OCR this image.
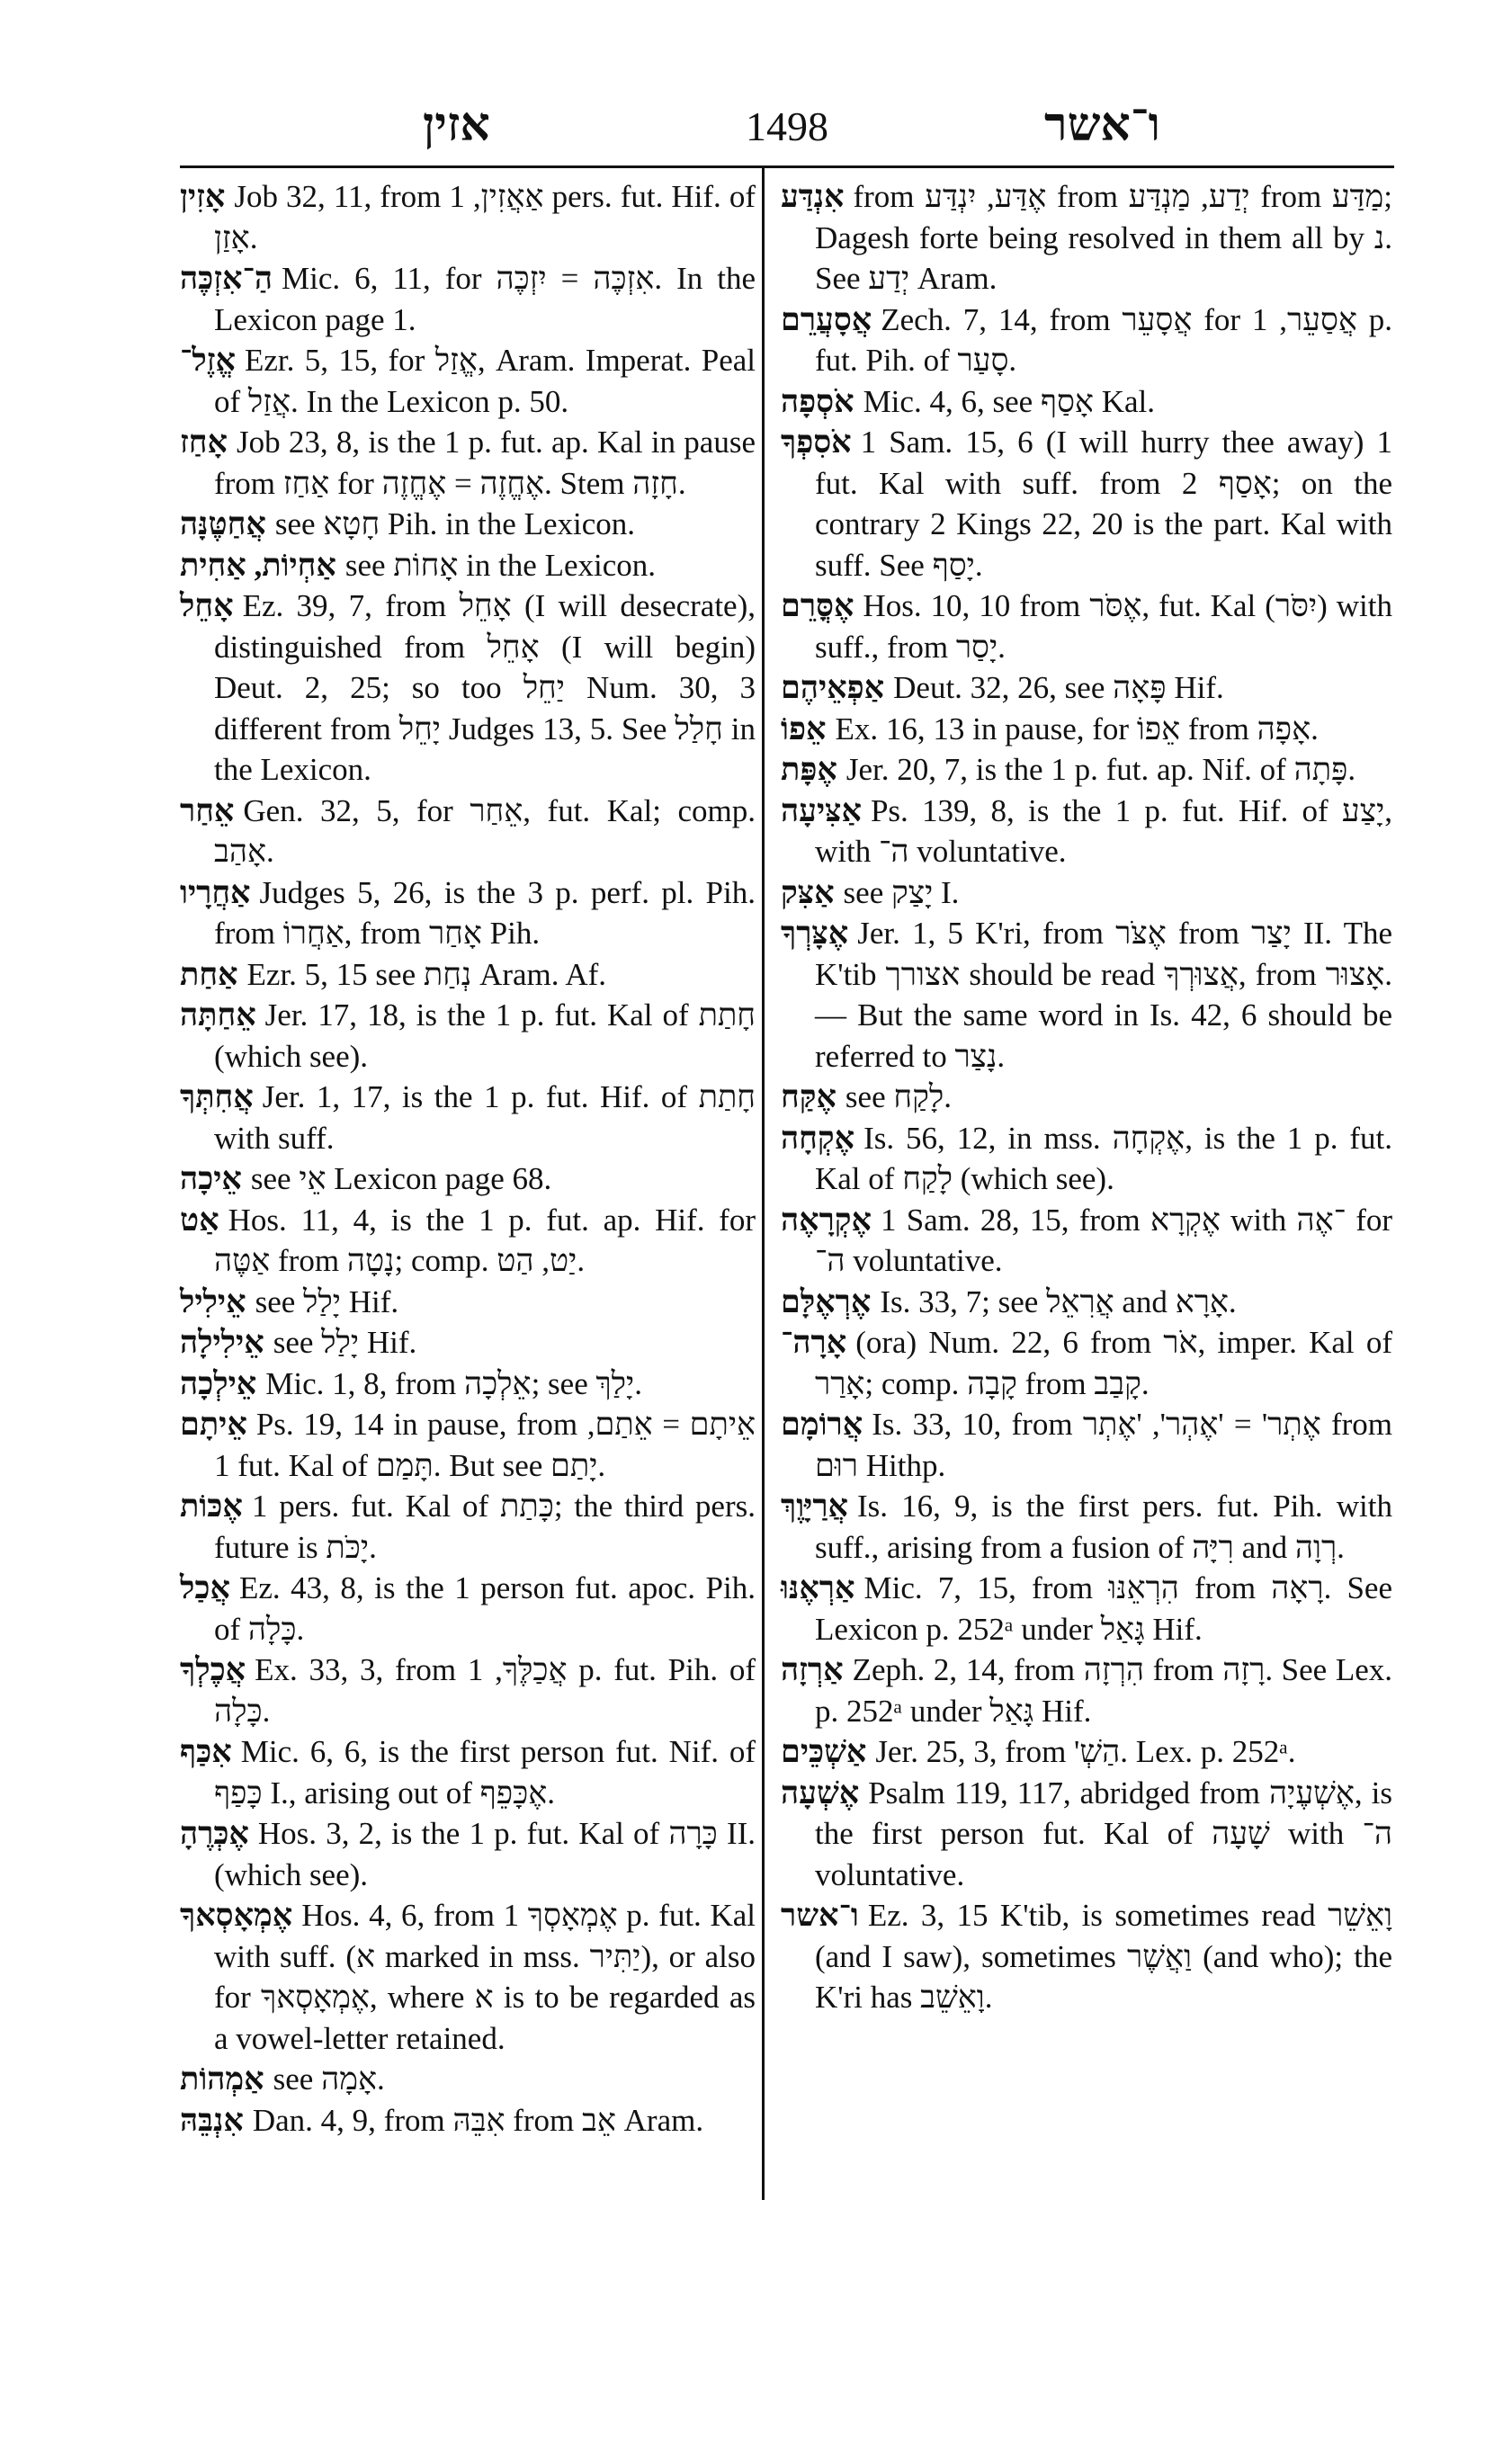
אזין	1498	ו־אשר

אָזִין Job 32, 11, from אַאֲזִין, 1 pers. fut. Hif. of אָזַן.

הַ־אִזְכֶּה Mic. 6, 11, for אִזְכֶּה = יִזְכֶּה. In the Lexicon page 1.

אֱזֶל־ Ezr. 5, 15, for אֱזַל, Aram. Imperat. Peal of אֲזַל. In the Lexicon p. 50.

אָחַז Job 23, 8, is the 1 p. fut. ap. Kal in pause from אַחַז for אֶחֱזֶה = אֶחֱזֶה. Stem חָזָה.

אֲחַטֶּנָּה see חָטָא Pih. in the Lexicon.

אַחְיוֹת, אַחִית see אָחוֹת in the Lexicon.

אָחֵל Ez. 39, 7, from אָחֵל (I will desecrate), distinguished from אָחֵל (I will begin) Deut. 2, 25; so too יַחֵל Num. 30, 3 different from יָחֵל Judges 13, 5. See חָלַל in the Lexicon.

אֵחַר Gen. 32, 5, for אֵחַר, fut. Kal; comp. אָהַב.

אַחֲרָיו Judges 5, 26, is the 3 p. perf. pl. Pih. from אַחֲרוֹ, from אָחַר Pih.

אַחַת Ezr. 5, 15 see נְחַת Aram. Af.

אֵחַתָּה Jer. 17, 18, is the 1 p. fut. Kal of חָתַת (which see).

אֲחִתְּךָ Jer. 1, 17, is the 1 p. fut. Hif. of חָתַת with suff.

אֵיכָה see אֵי Lexicon page 68.

אַט Hos. 11, 4, is the 1 p. fut. ap. Hif. for אַטֶּה from נָטָה; comp. יַט, הַט.

אֵילִיל see יָלַל Hif.

אֵילִילָה see יָלַל Hif.

אֵילְכָה Mic. 1, 8, from אֵלְכָה; see יָלַךְ.

אֵיתָם Ps. 19, 14 in pause, from אֵיתָם = אֵתַם, 1 fut. Kal of תָּמַם. But see יָתַם.

אֶכּוֹת 1 pers. fut. Kal of כָּתַת; the third pers. future is יָכֹּת.

אֲכַל Ez. 43, 8, is the 1 person fut. apoc. Pih. of כָּלָה.

אֲכֶלְךָ Ex. 33, 3, from אֲכַלֶּךָ, 1 p. fut. Pih. of כָּלָה.

אִכַּף Mic. 6, 6, is the first person fut. Nif. of כָּפַף I., arising out of אֶכָּפֵף.

אֶכְּרֶהָ Hos. 3, 2, is the 1 p. fut. Kal of כָּרָה II. (which see).

אֶמְאָסְאךָ Hos. 4, 6, from אֶמְאָסְךָ 1 p. fut. Kal with suff. (א marked in mss. יַתִּיר), or also for אֶמְאָסְאךָ, where א is to be regarded as a vowel-letter retained.

אַמְהוֹת see אָמָה.

אִנְבֵּהּ Dan. 4, 9, from אִבֵּהּ from אֵב Aram.

אִנְדַּע from אֶדַּע, יִנְדַּע from יְדַע, מַנְדַּע from מַדַּע; Dagesh forte being resolved in them all by נ. See יְדַע Aram.

אֲסָעֲרֵם Zech. 7, 14, from אֲסָעֵר for אֲסַעֵר, 1 p. fut. Pih. of סָעַר.

אֹסְפָה Mic. 4, 6, see אָסַף Kal.

אֹסִפְךָ 1 Sam. 15, 6 (I will hurry thee away) 1 fut. Kal with suff. from אָסַף 2; on the contrary 2 Kings 22, 20 is the part. Kal with suff. See יָסַף.

אֶסֳּרֵם Hos. 10, 10 from אֶסֹּר, fut. Kal (יִסֹּר) with suff., from יָסַר.

אַפְאֵיהֶם Deut. 32, 26, see פָּאָה Hif.

אֵפוֹ Ex. 16, 13 in pause, for אֵפוֹ from אָפָה.

אֶפָּת Jer. 20, 7, is the 1 p. fut. ap. Nif. of פָּתָה.

אַצִּיעָה Ps. 139, 8, is the 1 p. fut. Hif. of יָצַע, with ה־ voluntative.

אַצִּק see יָצַק I.

אֶצָּרְךָ Jer. 1, 5 K'ri, from אֶצֹּר from יָצַר II. The K'tib אצורך should be read אֲצוּרְךָ, from אָצוּר. — But the same word in Is. 42, 6 should be referred to נָצַר.

אֶקַּח see לָקַח.

אֶקְחָה Is. 56, 12, in mss. אֶקְחָה, is the 1 p. fut. Kal of לָקַח (which see).

אֶקְרָאֶה 1 Sam. 28, 15, from אֶקְרָא with ־אֶה for ה־ voluntative.

אֶרְאֶלָּם Is. 33, 7; see אֲרִאֵל and אָרָא.

אָרָה־ (ora) Num. 22, 6 from אֹר, imper. Kal of אָרַר; comp. קָבָה from קָבַב.

אֲרוֹמָם Is. 33, 10, from אֶתְר' = 'אֶהְר', 'אֶתְר from רוּם Hithp.

אֲרַיָּוֶךְ Is. 16, 9, is the first pers. fut. Pih. with suff., arising from a fusion of רִיָּה and רְוָה.

אַרְאֶנּוּ Mic. 7, 15, from הִרְאֵנּוּ from רָאָה. See Lexicon p. 252ᵃ under גָּאַל Hif.

אַרְזָה Zeph. 2, 14, from הִרְזָה from רָזָה. See Lex. p. 252ᵃ under גָּאַל Hif.

אַשְׁכֵּים Jer. 25, 3, from 'הַשְׁ. Lex. p. 252ᵃ.

אֶשְׁעָה Psalm 119, 117, abridged from אֶשְׁעֶיָה, is the first person fut. Kal of שָׁעָה with ה־ voluntative.

ו־אשר Ez. 3, 15 K'tib, is sometimes read וָאֵשֵׁר (and I saw), sometimes וַאֲשֶׁר (and who); the K'ri has וָאֵשֵׁב.
